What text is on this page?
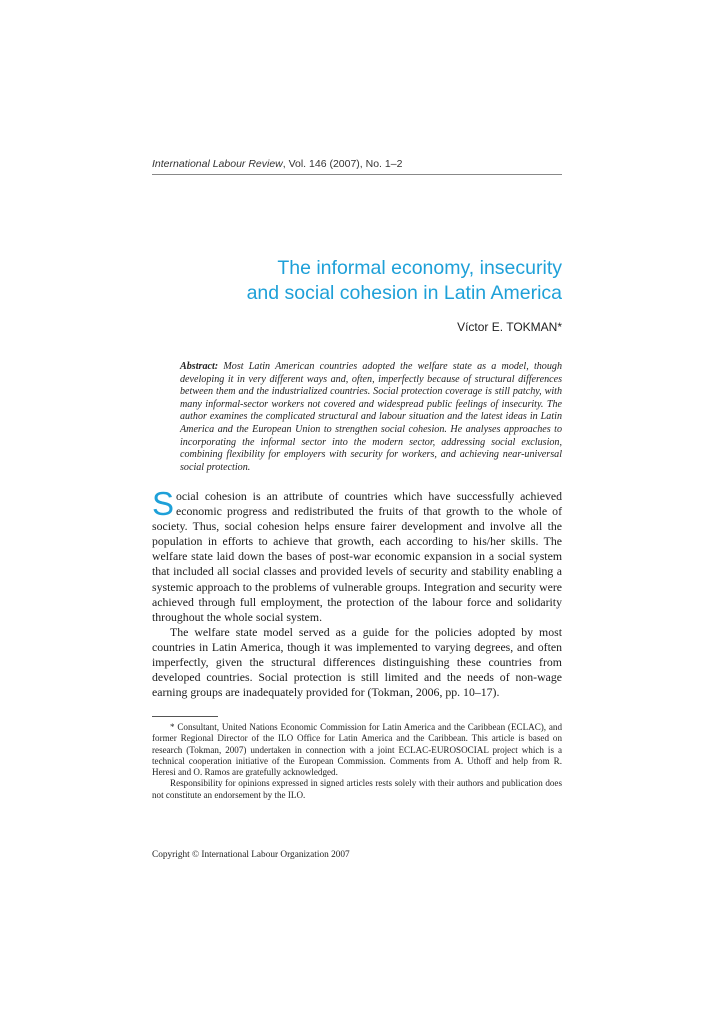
International Labour Review, Vol. 146 (2007), No. 1–2
The informal economy, insecurity
and social cohesion in Latin America
Víctor E. TOKMAN*
Abstract: Most Latin American countries adopted the welfare state as a model, though developing it in very different ways and, often, imperfectly because of structural differences between them and the industrialized countries. Social protection coverage is still patchy, with many informal-sector workers not covered and widespread public feelings of insecurity. The author examines the complicated structural and labour situation and the latest ideas in Latin America and the European Union to strengthen social cohesion. He analyses approaches to incorporating the informal sector into the modern sector, addressing social exclusion, combining flexibility for employers with security for workers, and achieving near-universal social protection.

Social cohesion is an attribute of countries which have successfully achieved economic progress and redistributed the fruits of that growth to the whole of society. Thus, social cohesion helps ensure fairer development and involve all the population in efforts to achieve that growth, each according to his/her skills. The welfare state laid down the bases of post-war economic expansion in a social system that included all social classes and provided levels of security and stability enabling a systemic approach to the problems of vulnerable groups. Integration and security were achieved through full employment, the protection of the labour force and solidarity throughout the whole social system.

The welfare state model served as a guide for the policies adopted by most countries in Latin America, though it was implemented to varying degrees, and often imperfectly, given the structural differences distinguishing these countries from developed countries. Social protection is still limited and the needs of non-wage earning groups are inadequately provided for (Tokman, 2006, pp. 10–17).

* Consultant, United Nations Economic Commission for Latin America and the Caribbean (ECLAC), and former Regional Director of the ILO Office for Latin America and the Caribbean. This article is based on research (Tokman, 2007) undertaken in connection with a joint ECLAC-EUROSOCIAL project which is a technical cooperation initiative of the European Commission. Comments from A. Uthoff and help from R. Heresi and O. Ramos are gratefully acknowledged.

Responsibility for opinions expressed in signed articles rests solely with their authors and publication does not constitute an endorsement by the ILO.

Copyright © International Labour Organization 2007
